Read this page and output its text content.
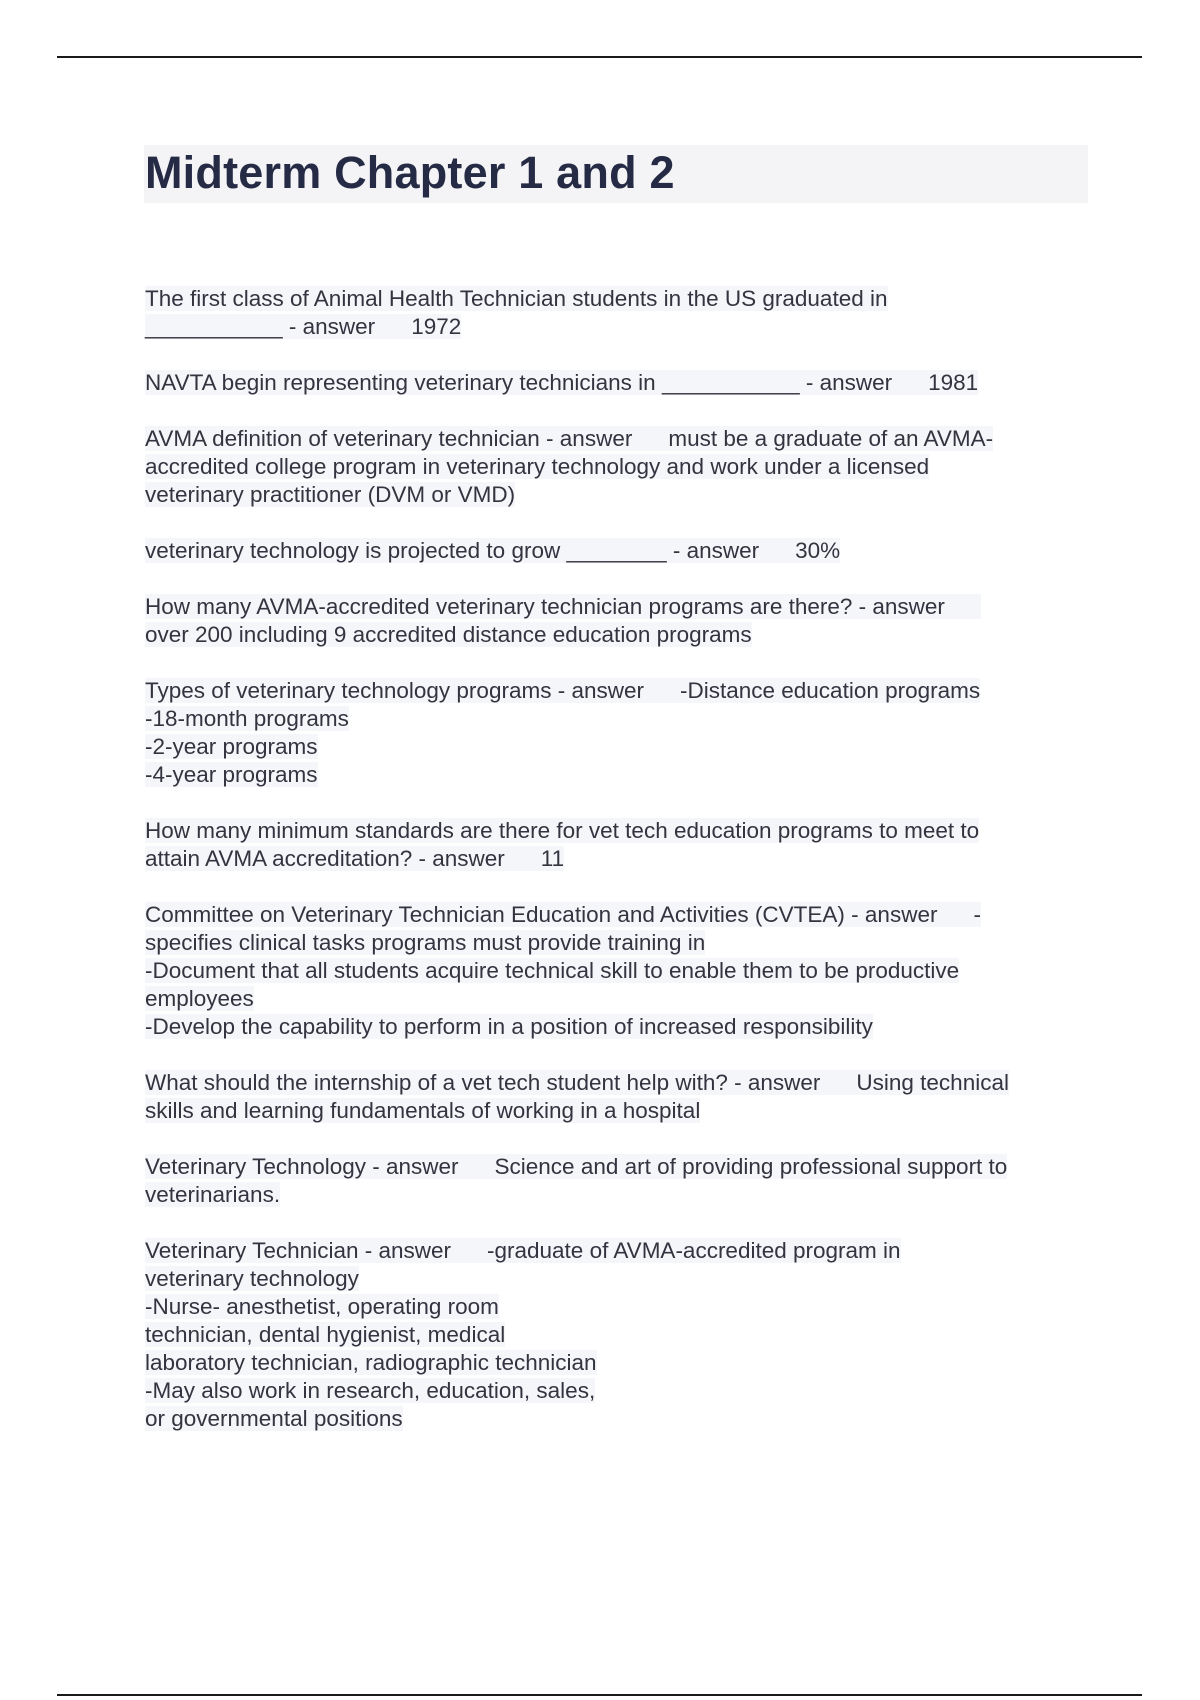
Midterm Chapter 1 and 2

The first class of Animal Health Technician students in the US graduated in
___________ - answer 1972

NAVTA begin representing veterinary technicians in ___________ - answer 1981

AVMA definition of veterinary technician - answer must be a graduate of an AVMA-
accredited college program in veterinary technology and work under a licensed
veterinary practitioner (DVM or VMD)

veterinary technology is projected to grow ________ - answer 30%

How many AVMA-accredited veterinary technician programs are there? - answer
over 200 including 9 accredited distance education programs

Types of veterinary technology programs - answer -Distance education programs
-18-month programs
-2-year programs
-4-year programs

How many minimum standards are there for vet tech education programs to meet to
attain AVMA accreditation? - answer 11

Committee on Veterinary Technician Education and Activities (CVTEA) - answer -
specifies clinical tasks programs must provide training in
-Document that all students acquire technical skill to enable them to be productive
employees
-Develop the capability to perform in a position of increased responsibility

What should the internship of a vet tech student help with? - answer Using technical
skills and learning fundamentals of working in a hospital

Veterinary Technology - answer Science and art of providing professional support to
veterinarians.

Veterinary Technician - answer -graduate of AVMA-accredited program in
veterinary technology
-Nurse- anesthetist, operating room
technician, dental hygienist, medical
laboratory technician, radiographic technician
-May also work in research, education, sales,
or governmental positions
